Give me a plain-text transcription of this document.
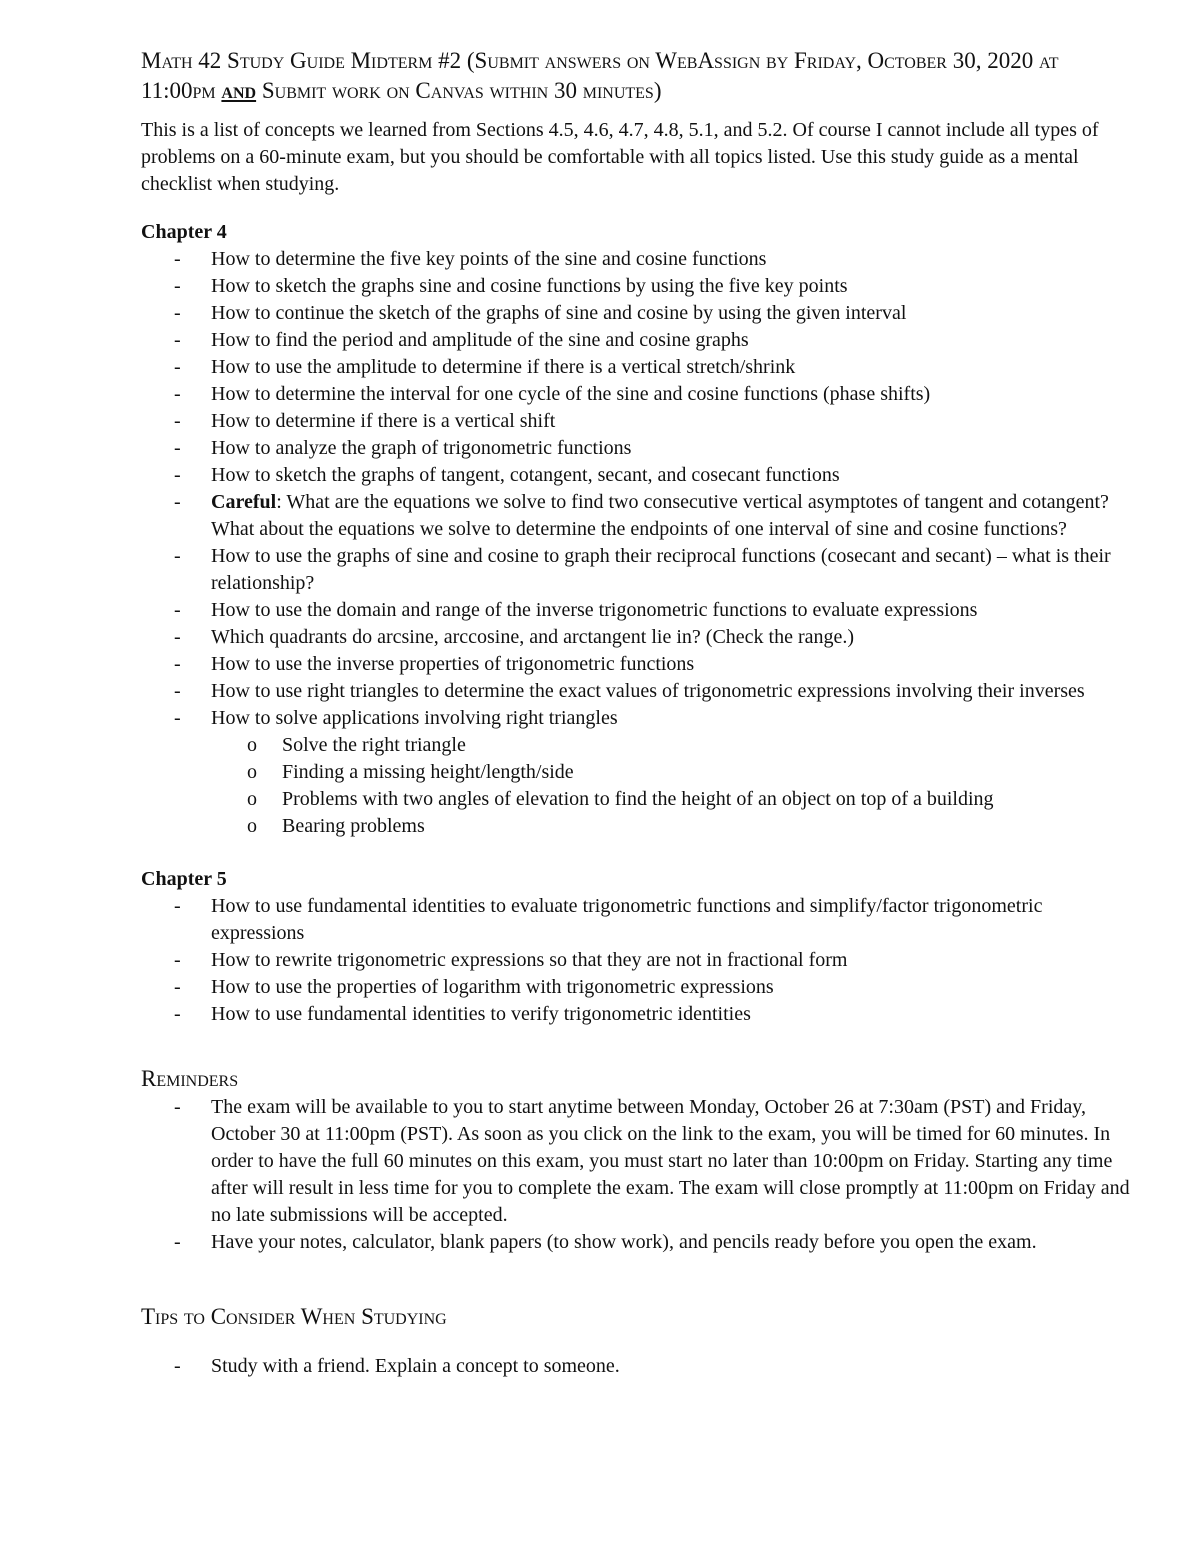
Math 42 Study Guide Midterm #2 (Submit answers on WebAssign by Friday, October 30, 2020 at 11:00pm and Submit work on Canvas within 30 minutes)

This is a list of concepts we learned from Sections 4.5, 4.6, 4.7, 4.8, 5.1, and 5.2. Of course I cannot include all types of problems on a 60-minute exam, but you should be comfortable with all topics listed. Use this study guide as a mental checklist when studying.

Chapter 4

- How to determine the five key points of the sine and cosine functions
- How to sketch the graphs sine and cosine functions by using the five key points
- How to continue the sketch of the graphs of sine and cosine by using the given interval
- How to find the period and amplitude of the sine and cosine graphs
- How to use the amplitude to determine if there is a vertical stretch/shrink
- How to determine the interval for one cycle of the sine and cosine functions (phase shifts)
- How to determine if there is a vertical shift
- How to analyze the graph of trigonometric functions
- How to sketch the graphs of tangent, cotangent, secant, and cosecant functions
- Careful: What are the equations we solve to find two consecutive vertical asymptotes of tangent and cotangent? What about the equations we solve to determine the endpoints of one interval of sine and cosine functions?
- How to use the graphs of sine and cosine to graph their reciprocal functions (cosecant and secant) – what is their relationship?
- How to use the domain and range of the inverse trigonometric functions to evaluate expressions
- Which quadrants do arcsine, arccosine, and arctangent lie in? (Check the range.)
- How to use the inverse properties of trigonometric functions
- How to use right triangles to determine the exact values of trigonometric expressions involving their inverses
- How to solve applications involving right triangles
o Solve the right triangle
o Finding a missing height/length/side
o Problems with two angles of elevation to find the height of an object on top of a building
o Bearing problems

Chapter 5

- How to use fundamental identities to evaluate trigonometric functions and simplify/factor trigonometric expressions
- How to rewrite trigonometric expressions so that they are not in fractional form
- How to use the properties of logarithm with trigonometric expressions
- How to use fundamental identities to verify trigonometric identities

Reminders

- The exam will be available to you to start anytime between Monday, October 26 at 7:30am (PST) and Friday, October 30 at 11:00pm (PST). As soon as you click on the link to the exam, you will be timed for 60 minutes. In order to have the full 60 minutes on this exam, you must start no later than 10:00pm on Friday. Starting any time after will result in less time for you to complete the exam. The exam will close promptly at 11:00pm on Friday and no late submissions will be accepted.
- Have your notes, calculator, blank papers (to show work), and pencils ready before you open the exam.

Tips to Consider When Studying

- Study with a friend. Explain a concept to someone.
